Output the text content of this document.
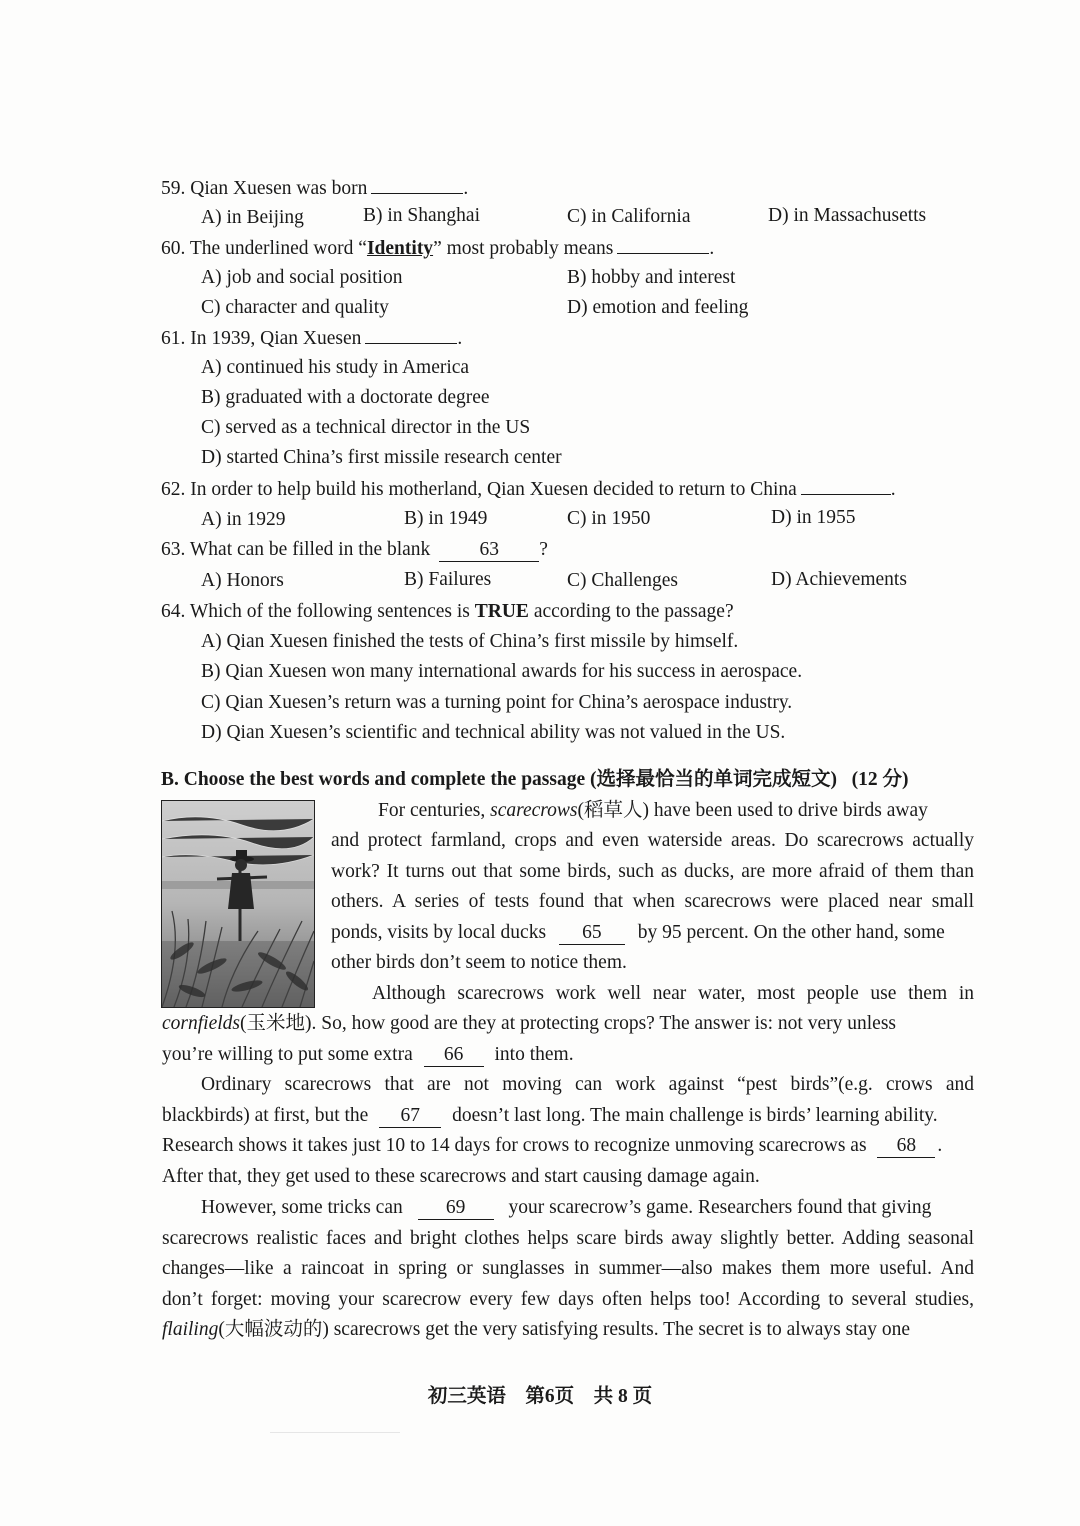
59. Qian Xuesen was born	.
A) in Beijing	B) in Shanghai	C) in California	D) in Massachusetts
60. The underlined word “Identity” most probably means	.
A) job and social position	B) hobby and interest
C) character and quality	D) emotion and feeling
61. In 1939, Qian Xuesen	.
A) continued his study in America
B) graduated with a doctorate degree
C) served as a technical director in the US
D) started China’s first missile research center
62. In order to help build his motherland, Qian Xuesen decided to return to China	.
A) in 1929	B) in 1949	C) in 1950	D) in 1955
63. What can be filled in the blank	63 ?
A) Honors	B) Failures	C) Challenges	D) Achievements
64. Which of the following sentences is TRUE according to the passage?
A) Qian Xuesen finished the tests of China’s first missile by himself.
B) Qian Xuesen won many international awards for his success in aerospace.
C) Qian Xuesen’s return was a turning point for China’s aerospace industry.
D) Qian Xuesen’s scientific and technical ability was not valued in the US.
B. Choose the best words and complete the passage (选择最恰当的单词完成短文)   (12 分)
For centuries, scarecrows(稻草人) have been used to drive birds away
and protect farmland, crops and even waterside areas. Do scarecrows actually
work? It turns out that some birds, such as ducks, are more afraid of them than
others. A series of tests found that when scarecrows were placed near small
ponds, visits by local ducks 65 by 95 percent. On the other hand, some
other birds don’t seem to notice them.
Although scarecrows work well near water, most people use them in
cornfields(玉米地). So, how good are they at protecting crops? The answer is: not very unless
you’re willing to put some extra 66 into them.
Ordinary scarecrows that are not moving can work against “pest birds”(e.g. crows and
blackbirds) at first, but the 67 doesn’t last long. The main challenge is birds’ learning ability.
Research shows it takes just 10 to 14 days for crows to recognize unmoving scarecrows as 68 .
After that, they get used to these scarecrows and start causing damage again.
However, some tricks can 69 your scarecrow’s game. Researchers found that giving
scarecrows realistic faces and bright clothes helps scare birds away slightly better. Adding seasonal
changes—like a raincoat in spring or sunglasses in summer—also makes them more useful. And
don’t forget: moving your scarecrow every few days often helps too! According to several studies,
flailing(大幅波动的) scarecrows get the very satisfying results. The secret is to always stay one
初三英语　第6页　共 8 页
